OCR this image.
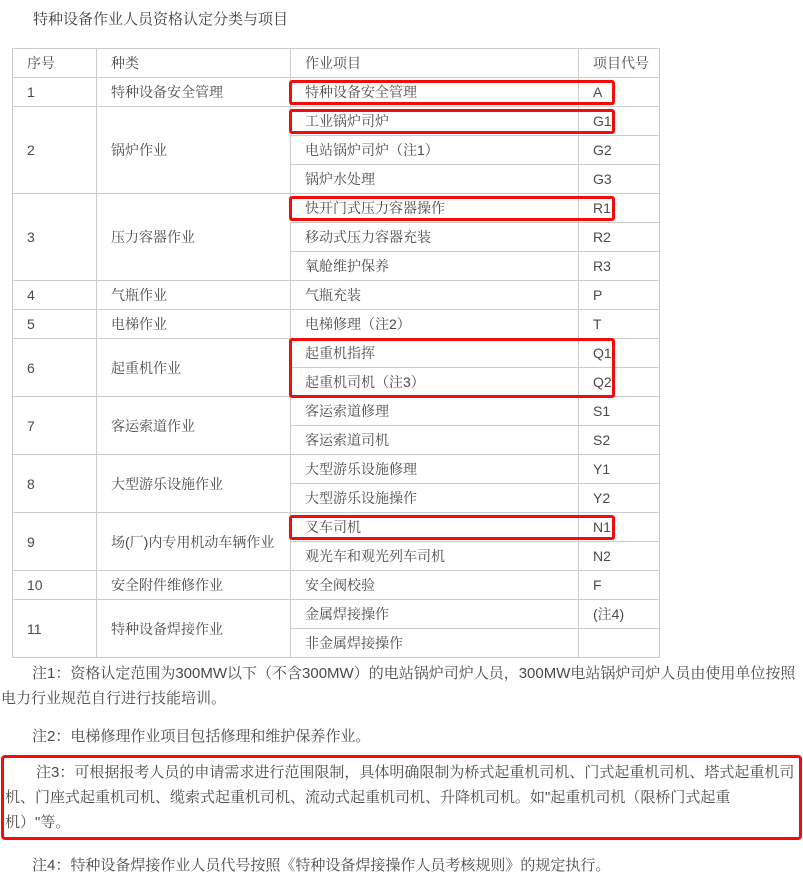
特种设备作业人员资格认定分类与项目
序号	种类	作业项目	项目代号
1	特种设备安全管理	特种设备安全管理	A
2	锅炉作业	工业锅炉司炉	G1
		电站锅炉司炉（注1）	G2
		锅炉水处理	G3
3	压力容器作业	快开门式压力容器操作	R1
		移动式压力容器充装	R2
		氧舱维护保养	R3
4	气瓶作业	气瓶充装	P
5	电梯作业	电梯修理（注2）	T
6	起重机作业	起重机指挥	Q1
		起重机司机（注3）	Q2
7	客运索道作业	客运索道修理	S1
		客运索道司机	S2
8	大型游乐设施作业	大型游乐设施修理	Y1
		大型游乐设施操作	Y2
9	场(厂)内专用机动车辆作业	叉车司机	N1
		观光车和观光列车司机	N2
10	安全附件维修作业	安全阀校验	F
11	特种设备焊接作业	金属焊接操作	(注4)
		非金属焊接操作	

注1：资格认定范围为300MW以下（不含300MW）的电站锅炉司炉人员，300MW电站锅炉司炉人员由使用单位按照电力行业规范自行进行技能培训。

注2：电梯修理作业项目包括修理和维护保养作业。

注3：可根据报考人员的申请需求进行范围限制，具体明确限制为桥式起重机司机、门式起重机司机、塔式起重机司机、门座式起重机司机、缆索式起重机司机、流动式起重机司机、升降机司机。如"起重机司机（限桥门式起重机）"等。

注4：特种设备焊接作业人员代号按照《特种设备焊接操作人员考核规则》的规定执行。
